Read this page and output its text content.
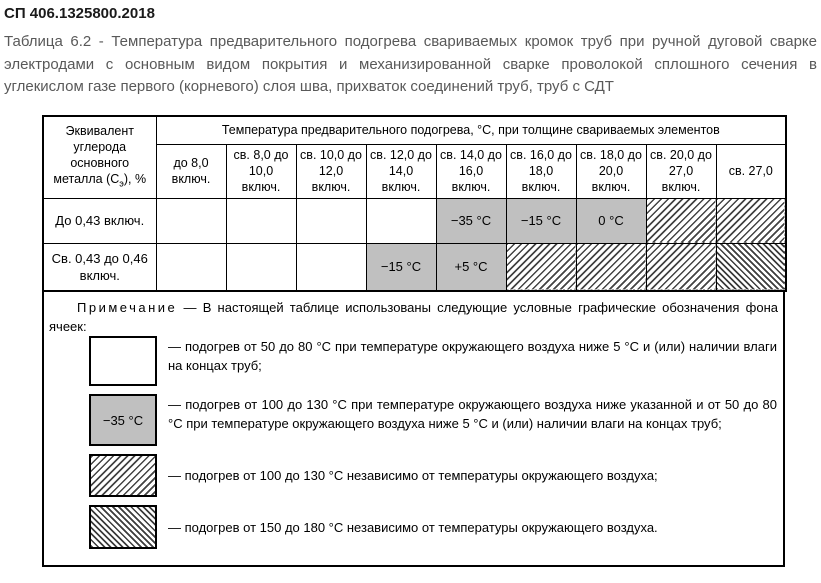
СП 406.1325800.2018
Таблица 6.2 - Температура предварительного подогрева свариваемых кромок труб при ручной дуговой сварке электродами с основным видом покрытия и механизированной сварке проволокой сплошного сечения в углекислом газе первого (корневого) слоя шва, прихваток соединений труб, труб с СДТ
Эквивалент углерода основного металла $(С_э)$, %	Температура предварительного подогрева, °С, при толщине свариваемых элементов								
	до 8,0 включ.	св. 8,0 до 10,0 включ.	св. 10,0 до 12,0 включ.	св. 12,0 до 14,0 включ.	св. 14,0 до 16,0 включ.	св. 16,0 до 18,0 включ.	св. 18,0 до 20,0 включ.	св. 20,0 до 27,0 включ.	св. 27,0
До 0,43 включ.					−35 °С	−15 °С	0 °С		
Св. 0,43 до 0,46 включ.				−15 °С	+5 °С				
Примечание — В настоящей таблице использованы следующие условные графические обозначения фона ячеек:
— подогрев от 50 до 80 °С при температуре окружающего воздуха ниже 5 °С и (или) наличии влаги на концах труб;
−35 °С
— подогрев от 100 до 130 °С при температуре окружающего воздуха ниже указанной и от 50 до 80 °С при температуре окружающего воздуха ниже 5 °С и (или) наличии влаги на концах труб;
— подогрев от 100 до 130 °С независимо от температуры окружающего воздуха;
— подогрев от 150 до 180 °С независимо от температуры окружающего воздуха.
